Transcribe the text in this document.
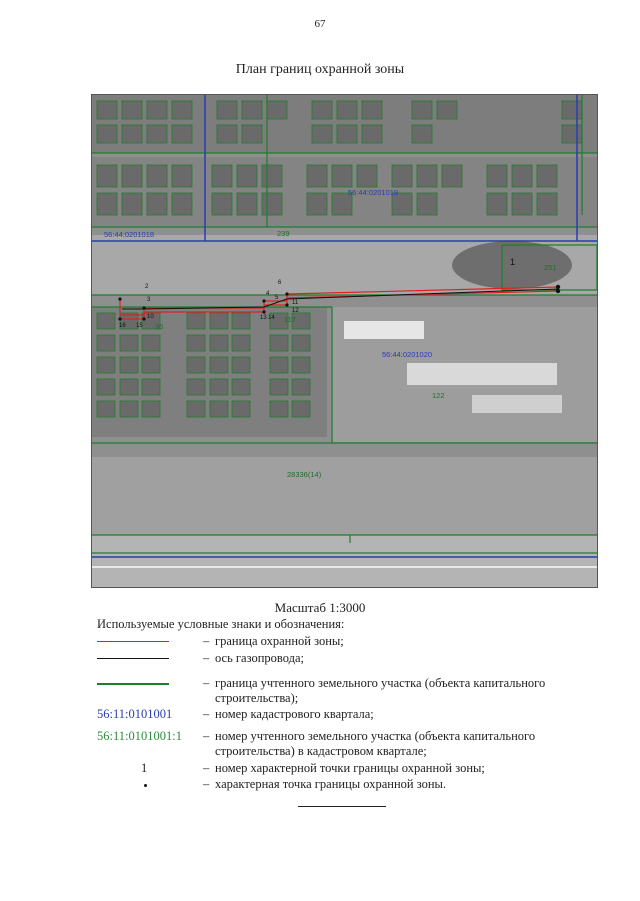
67
План границ охранной зоны
1
2
3
4
5
6
10
11
12
13 14
15
16
56:44:0201019
56:44:0201018
56:44:0201020
239
251
117
36
122
28336(14)
Масштаб 1:3000
Используемые условные знаки и обозначения:
– граница охранной зоны;
– ось газопровода;
– граница учтенного земельного участка (объекта капитального строительства);
56:11:0101001	– номер кадастрового квартала;
56:11:0101001:1	– номер учтенного земельного участка (объекта капитального строительства) в кадастровом квартале;
1	– номер характерной точки границы охранной зоны;
– характерная точка границы охранной зоны.
